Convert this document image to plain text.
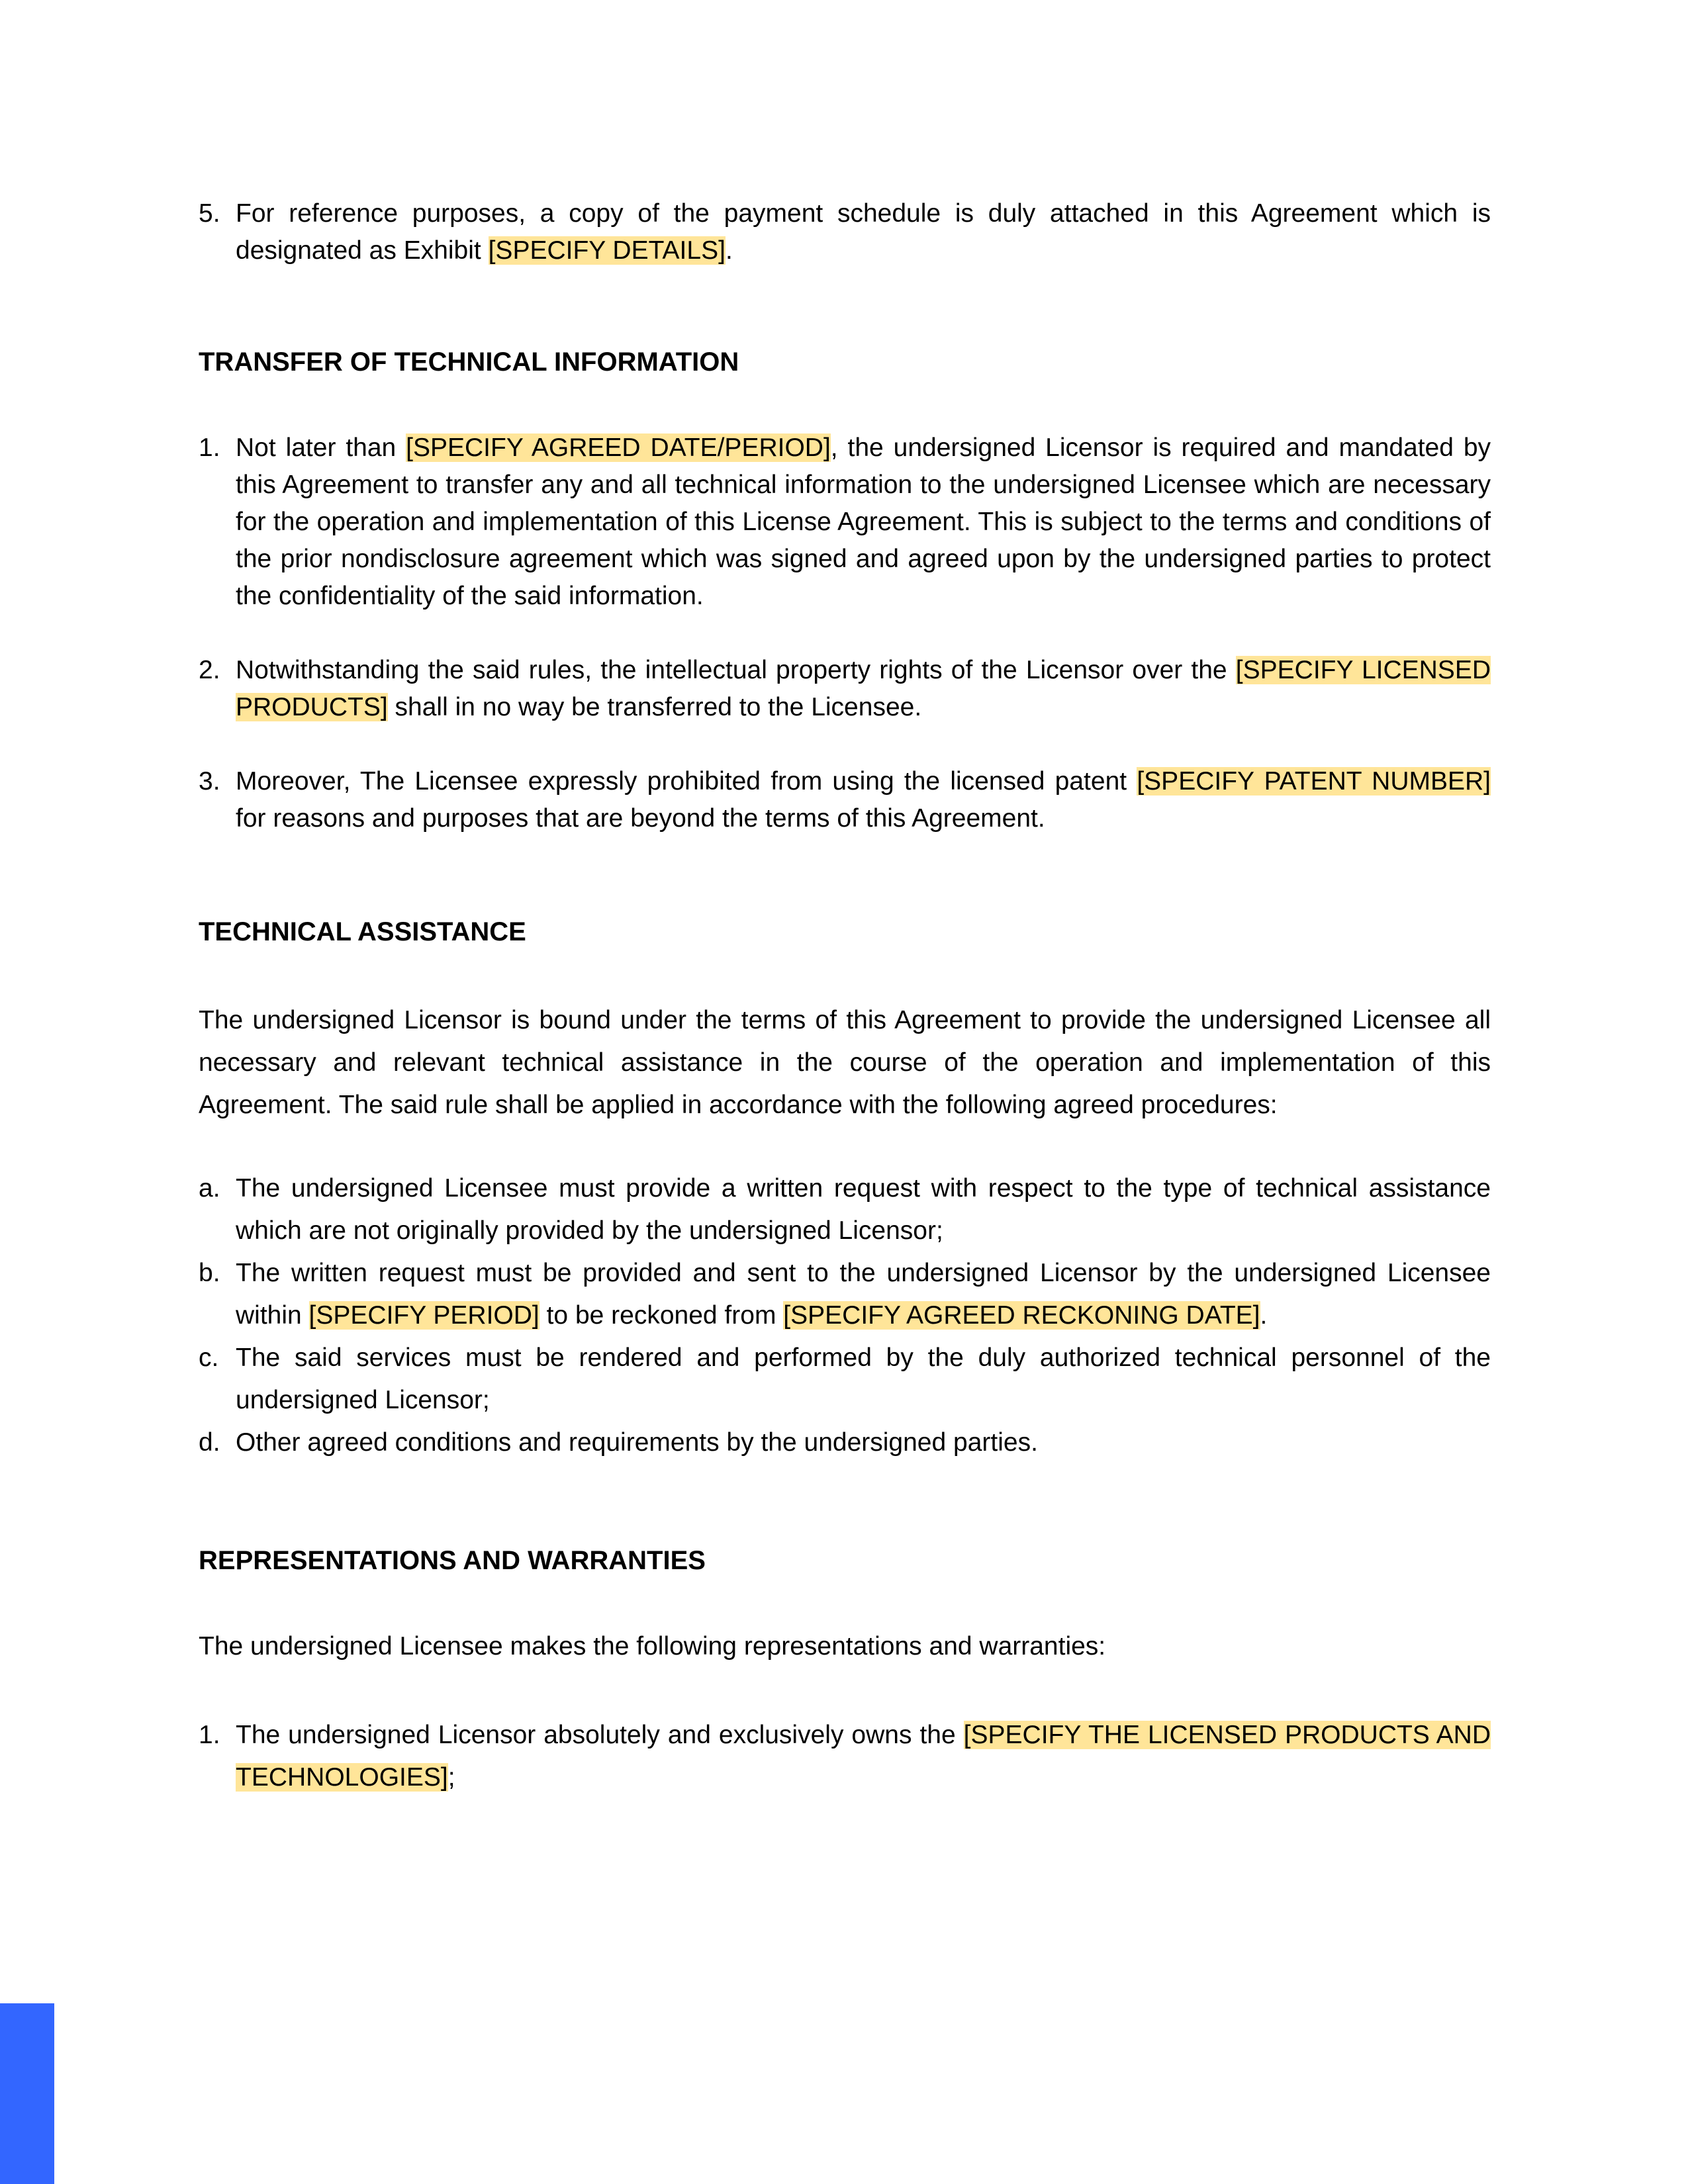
5. For reference purposes, a copy of the payment schedule is duly attached in this Agreement which is designated as Exhibit [SPECIFY DETAILS].
TRANSFER OF TECHNICAL INFORMATION
1. Not later than [SPECIFY AGREED DATE/PERIOD], the undersigned Licensor is required and mandated by this Agreement to transfer any and all technical information to the undersigned Licensee which are necessary for the operation and implementation of this License Agreement. This is subject to the terms and conditions of the prior nondisclosure agreement which was signed and agreed upon by the undersigned parties to protect the confidentiality of the said information.
2. Notwithstanding the said rules, the intellectual property rights of the Licensor over the [SPECIFY LICENSED PRODUCTS] shall in no way be transferred to the Licensee.
3. Moreover, The Licensee expressly prohibited from using the licensed patent [SPECIFY PATENT NUMBER] for reasons and purposes that are beyond the terms of this Agreement.
TECHNICAL ASSISTANCE

The undersigned Licensor is bound under the terms of this Agreement to provide the undersigned Licensee all necessary and relevant technical assistance in the course of the operation and implementation of this Agreement. The said rule shall be applied in accordance with the following agreed procedures:

a. The undersigned Licensee must provide a written request with respect to the type of technical assistance which are not originally provided by the undersigned Licensor;
b. The written request must be provided and sent to the undersigned Licensor by the undersigned Licensee within [SPECIFY PERIOD] to be reckoned from [SPECIFY AGREED RECKONING DATE].
c. The said services must be rendered and performed by the duly authorized technical personnel of the undersigned Licensor;
d. Other agreed conditions and requirements by the undersigned parties.
REPRESENTATIONS AND WARRANTIES

The undersigned Licensee makes the following representations and warranties:

1. The undersigned Licensor absolutely and exclusively owns the [SPECIFY THE LICENSED PRODUCTS AND TECHNOLOGIES];
